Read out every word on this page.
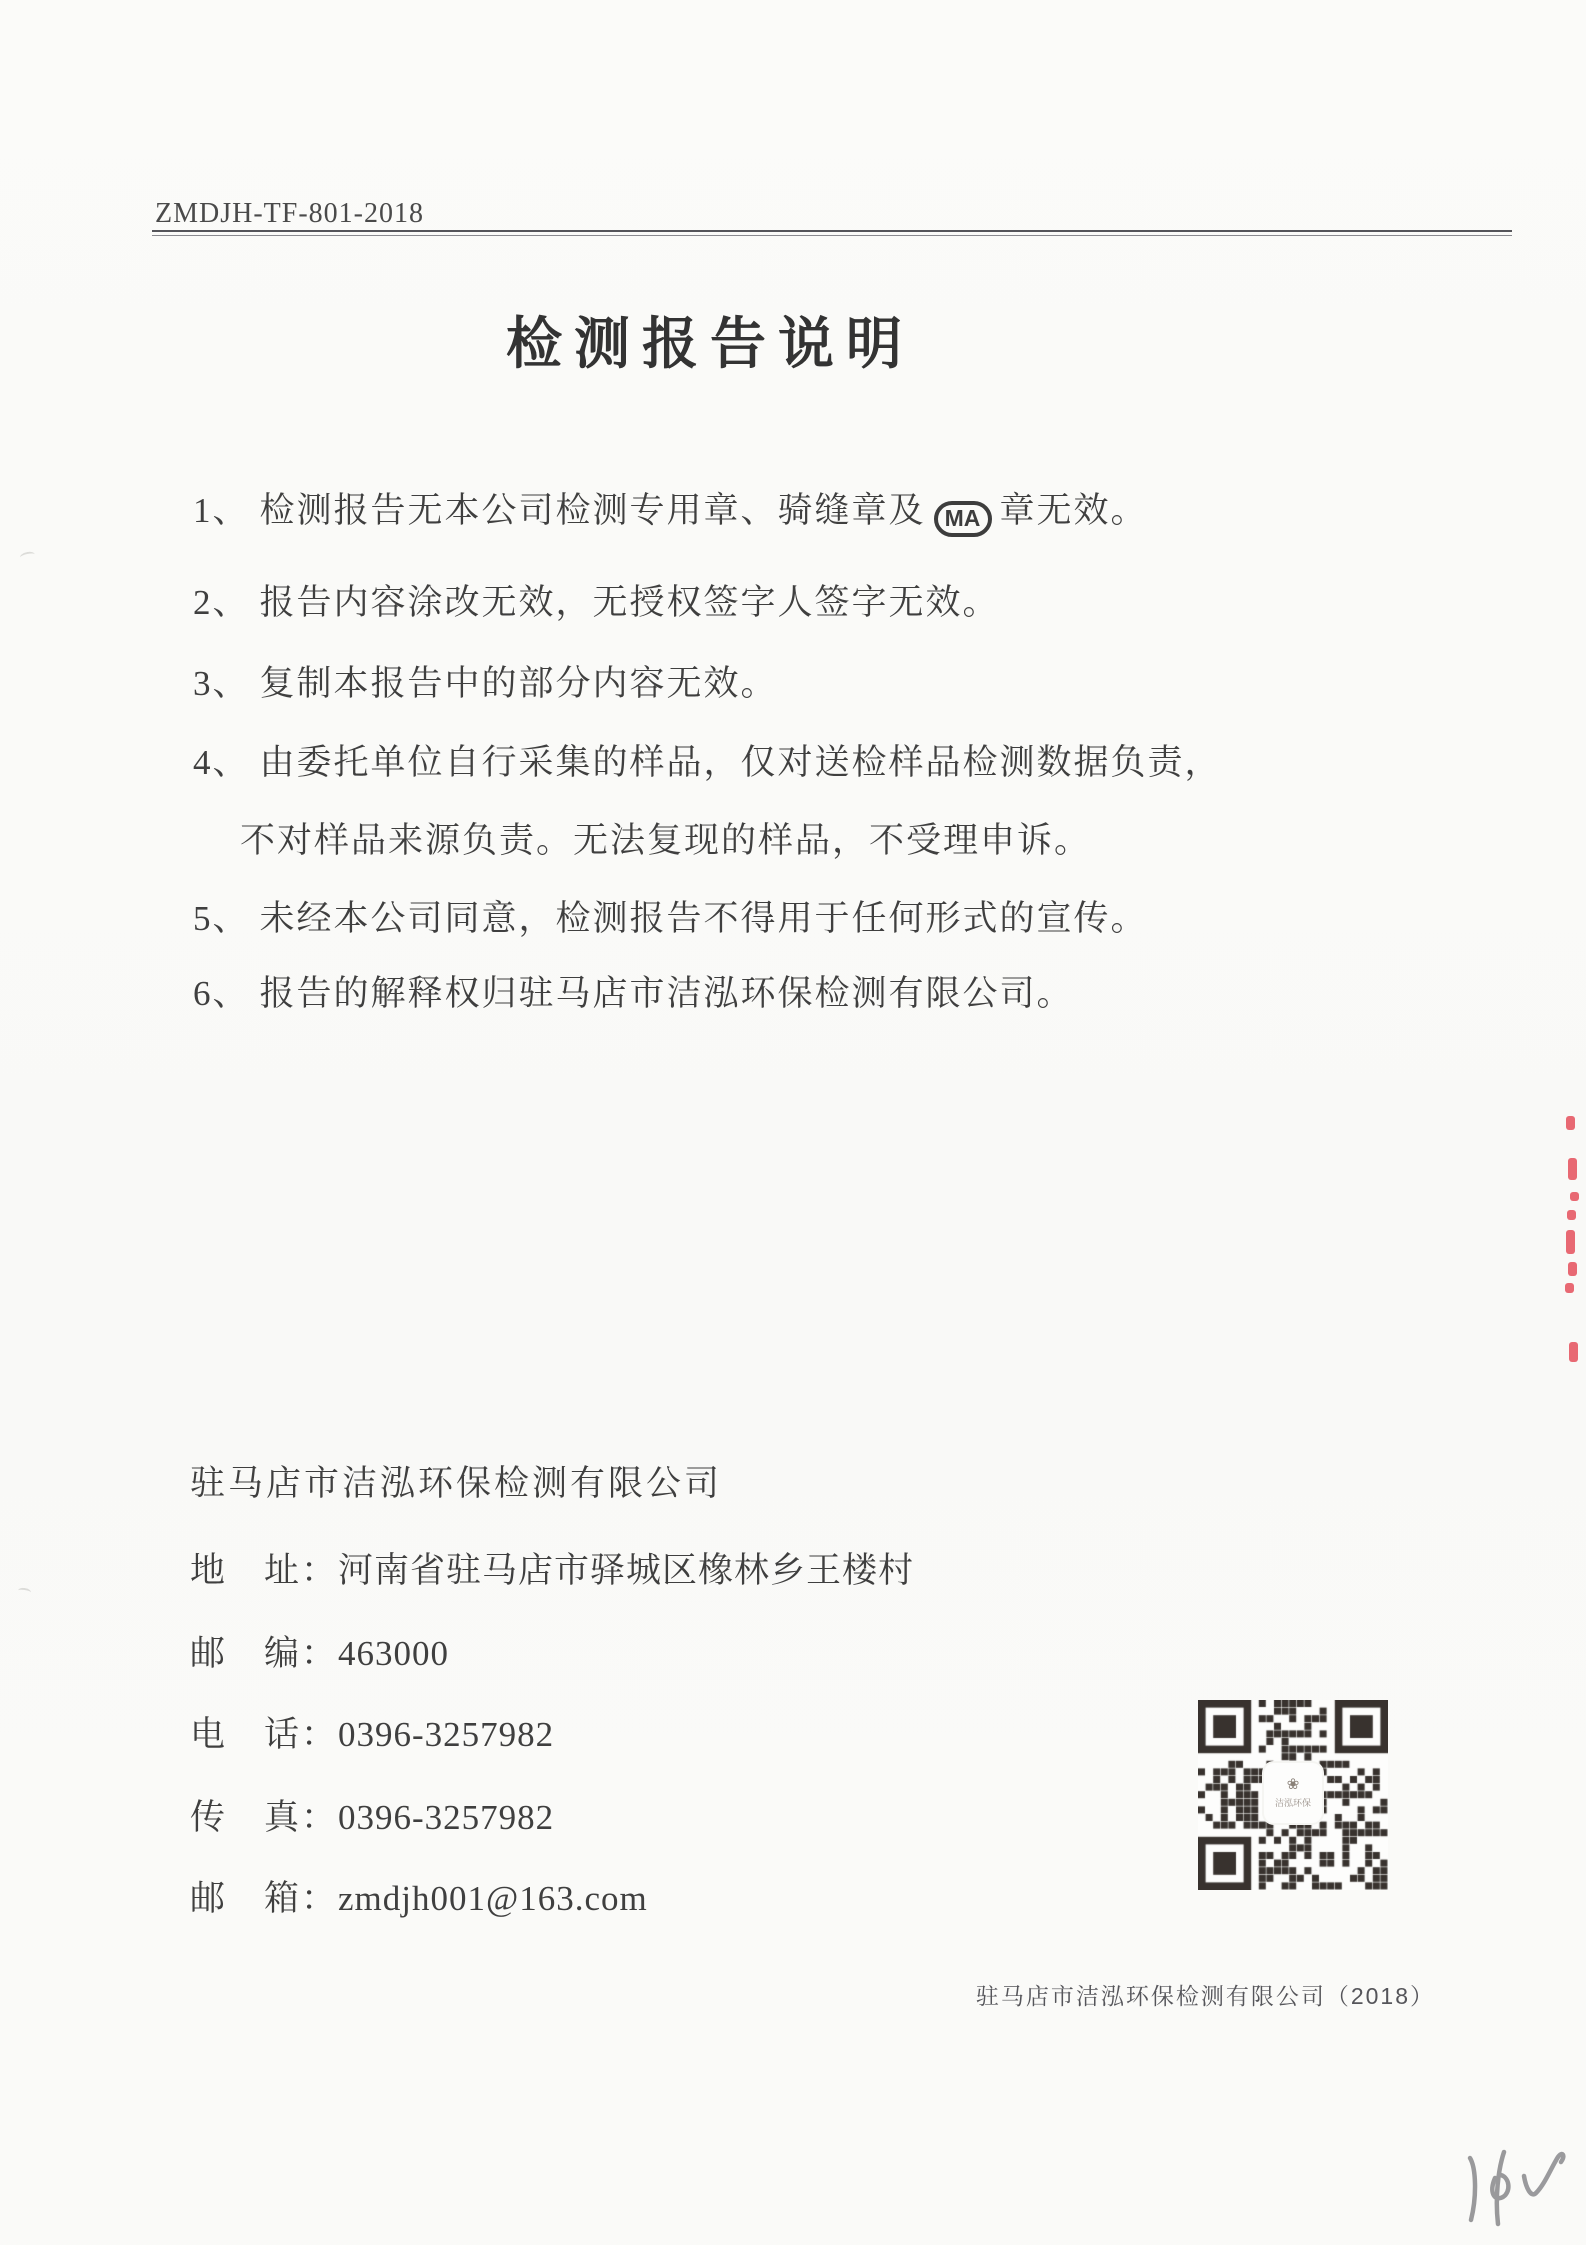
ZMDJH-TF-801-2018
检测报告说明
1、 检测报告无本公司检测专用章、骑缝章及 MA 章无效。
2、 报告内容涂改无效，无授权签字人签字无效。
3、 复制本报告中的部分内容无效。
4、 由委托单位自行采集的样品，仅对送检样品检测数据负责，
不对样品来源负责。无法复现的样品，不受理申诉。
5、 未经本公司同意，检测报告不得用于任何形式的宣传。
6、 报告的解释权归驻马店市洁泓环保检测有限公司。
驻马店市洁泓环保检测有限公司
地　址：河南省驻马店市驿城区橡林乡王楼村
邮　编：463000
电　话：0396-3257982
传　真：0396-3257982
邮　箱：zmdjh001@163.com
❀
洁泓环保
驻马店市洁泓环保检测有限公司（2018）
